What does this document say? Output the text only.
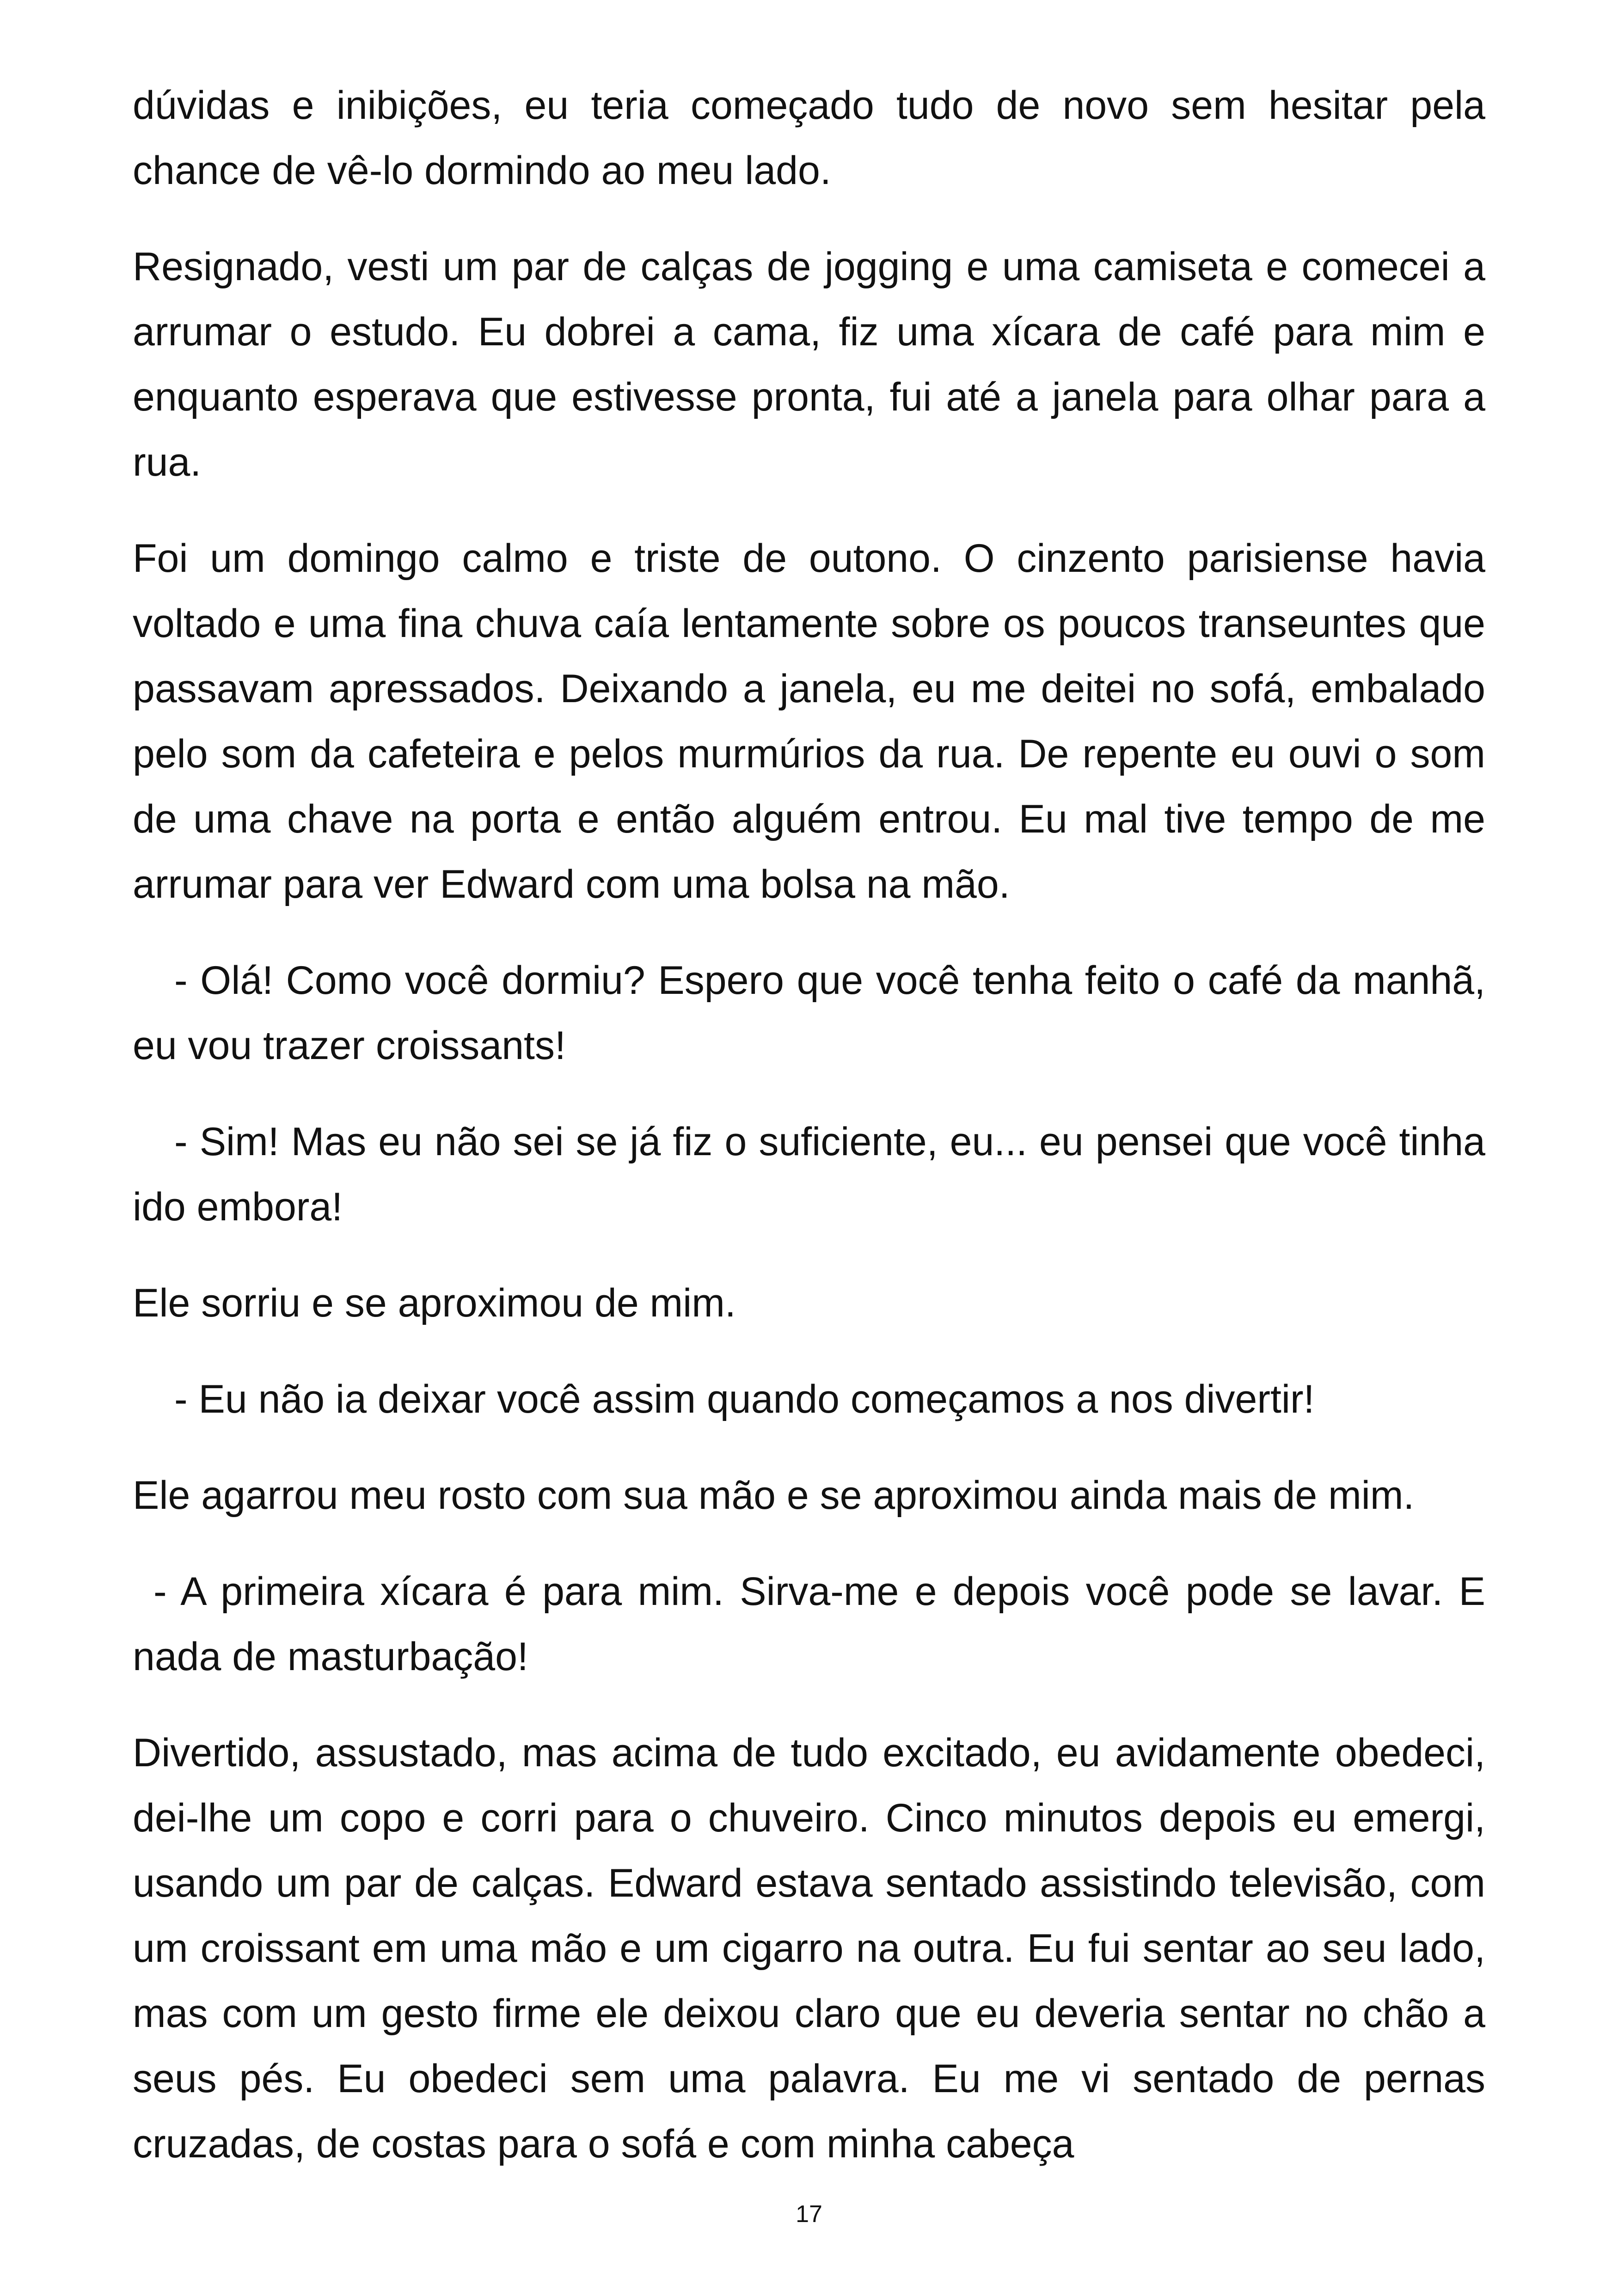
dúvidas e inibições, eu teria começado tudo de novo sem hesitar pela chance de vê-lo dormindo ao meu lado.

Resignado, vesti um par de calças de jogging e uma camiseta e comecei a arrumar o estudo. Eu dobrei a cama, fiz uma xícara de café para mim e enquanto esperava que estivesse pronta, fui até a janela para olhar para a rua.

Foi um domingo calmo e triste de outono. O cinzento parisiense havia voltado e uma fina chuva caía lentamente sobre os poucos transeuntes que passavam apressados. Deixando a janela, eu me deitei no sofá, embalado pelo som da cafeteira e pelos murmúrios da rua. De repente eu ouvi o som de uma chave na porta e então alguém entrou. Eu mal tive tempo de me arrumar para ver Edward com uma bolsa na mão.

- Olá! Como você dormiu? Espero que você tenha feito o café da manhã, eu vou trazer croissants!

- Sim! Mas eu não sei se já fiz o suficiente, eu... eu pensei que você tinha ido embora!

Ele sorriu e se aproximou de mim.

- Eu não ia deixar você assim quando começamos a nos divertir!

Ele agarrou meu rosto com sua mão e se aproximou ainda mais de mim.

- A primeira xícara é para mim. Sirva-me e depois você pode se lavar. E nada de masturbação!

Divertido, assustado, mas acima de tudo excitado, eu avidamente obedeci, dei-lhe um copo e corri para o chuveiro. Cinco minutos depois eu emergi, usando um par de calças. Edward estava sentado assistindo televisão, com um croissant em uma mão e um cigarro na outra. Eu fui sentar ao seu lado, mas com um gesto firme ele deixou claro que eu deveria sentar no chão a seus pés. Eu obedeci sem uma palavra. Eu me vi sentado de pernas cruzadas, de costas para o sofá e com minha cabeça

17
